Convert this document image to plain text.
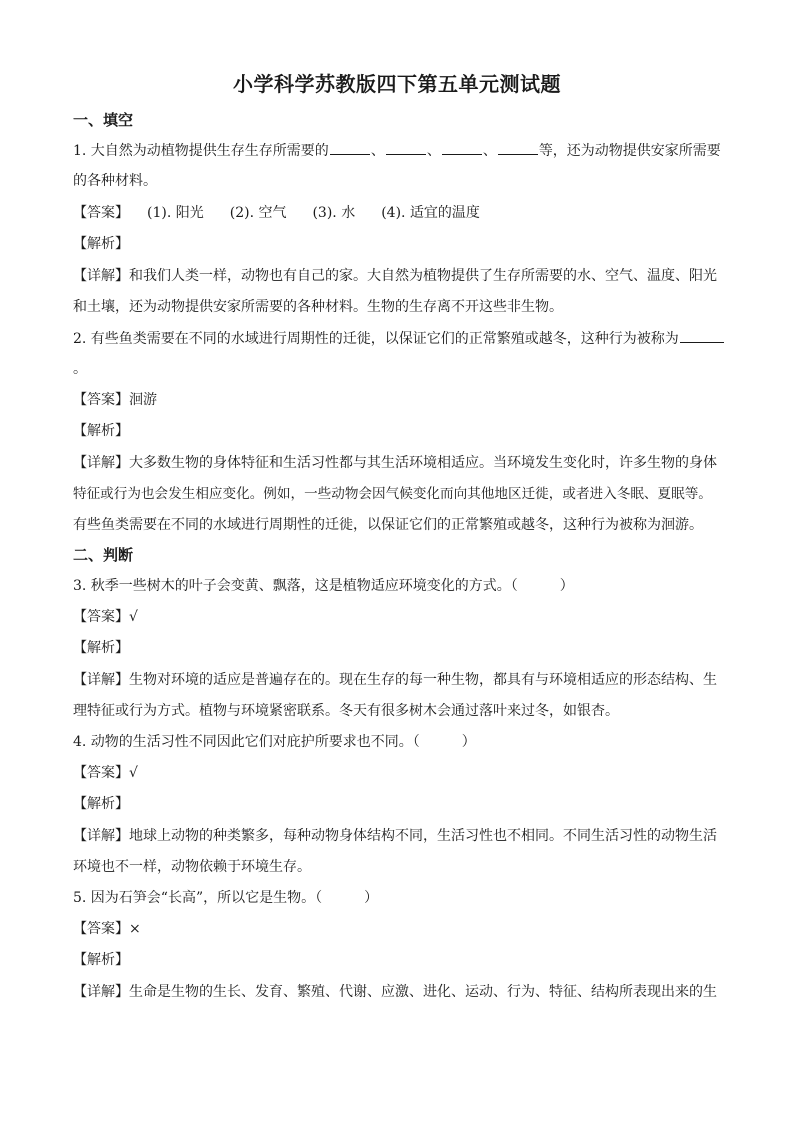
小学科学苏教版四下第五单元测试题
一、填空
1. 大自然为动植物提供生存生存所需要的	、	、	、	等，还为动物提供安家所需要
的各种材料。
【答案】 (1). 阳光 (2). 空气 (3). 水 (4). 适宜的温度
【解析】
【详解】和我们人类一样，动物也有自己的家。大自然为植物提供了生存所需要的水、空气、温度、阳光
和土壤，还为动物提供安家所需要的各种材料。生物的生存离不开这些非生物。
2. 有些鱼类需要在不同的水域进行周期性的迁徙，以保证它们的正常繁殖或越冬，这种行为被称为
。
【答案】洄游
【解析】
【详解】大多数生物的身体特征和生活习性都与其生活环境相适应。当环境发生变化时，许多生物的身体
特征或行为也会发生相应变化。例如，一些动物会因气候变化而向其他地区迁徙，或者进入冬眠、夏眠等。
有些鱼类需要在不同的水域进行周期性的迁徙，以保证它们的正常繁殖或越冬，这种行为被称为洄游。
二、判断
3. 秋季一些树木的叶子会变黄、飘落，这是植物适应环境变化的方式。（　　　）
【答案】√
【解析】
【详解】生物对环境的适应是普遍存在的。现在生存的每一种生物，都具有与环境相适应的形态结构、生
理特征或行为方式。植物与环境紧密联系。冬天有很多树木会通过落叶来过冬，如银杏。
4. 动物的生活习性不同因此它们对庇护所要求也不同。（　　　）
【答案】√
【解析】
【详解】地球上动物的种类繁多，每种动物身体结构不同，生活习性也不相同。不同生活习性的动物生活
环境也不一样，动物依赖于环境生存。
5. 因为石笋会“长高”，所以它是生物。（　　　）
【答案】×
【解析】
【详解】生命是生物的生长、发育、繁殖、代谢、应激、进化、运动、行为、特征、结构所表现出来的生
